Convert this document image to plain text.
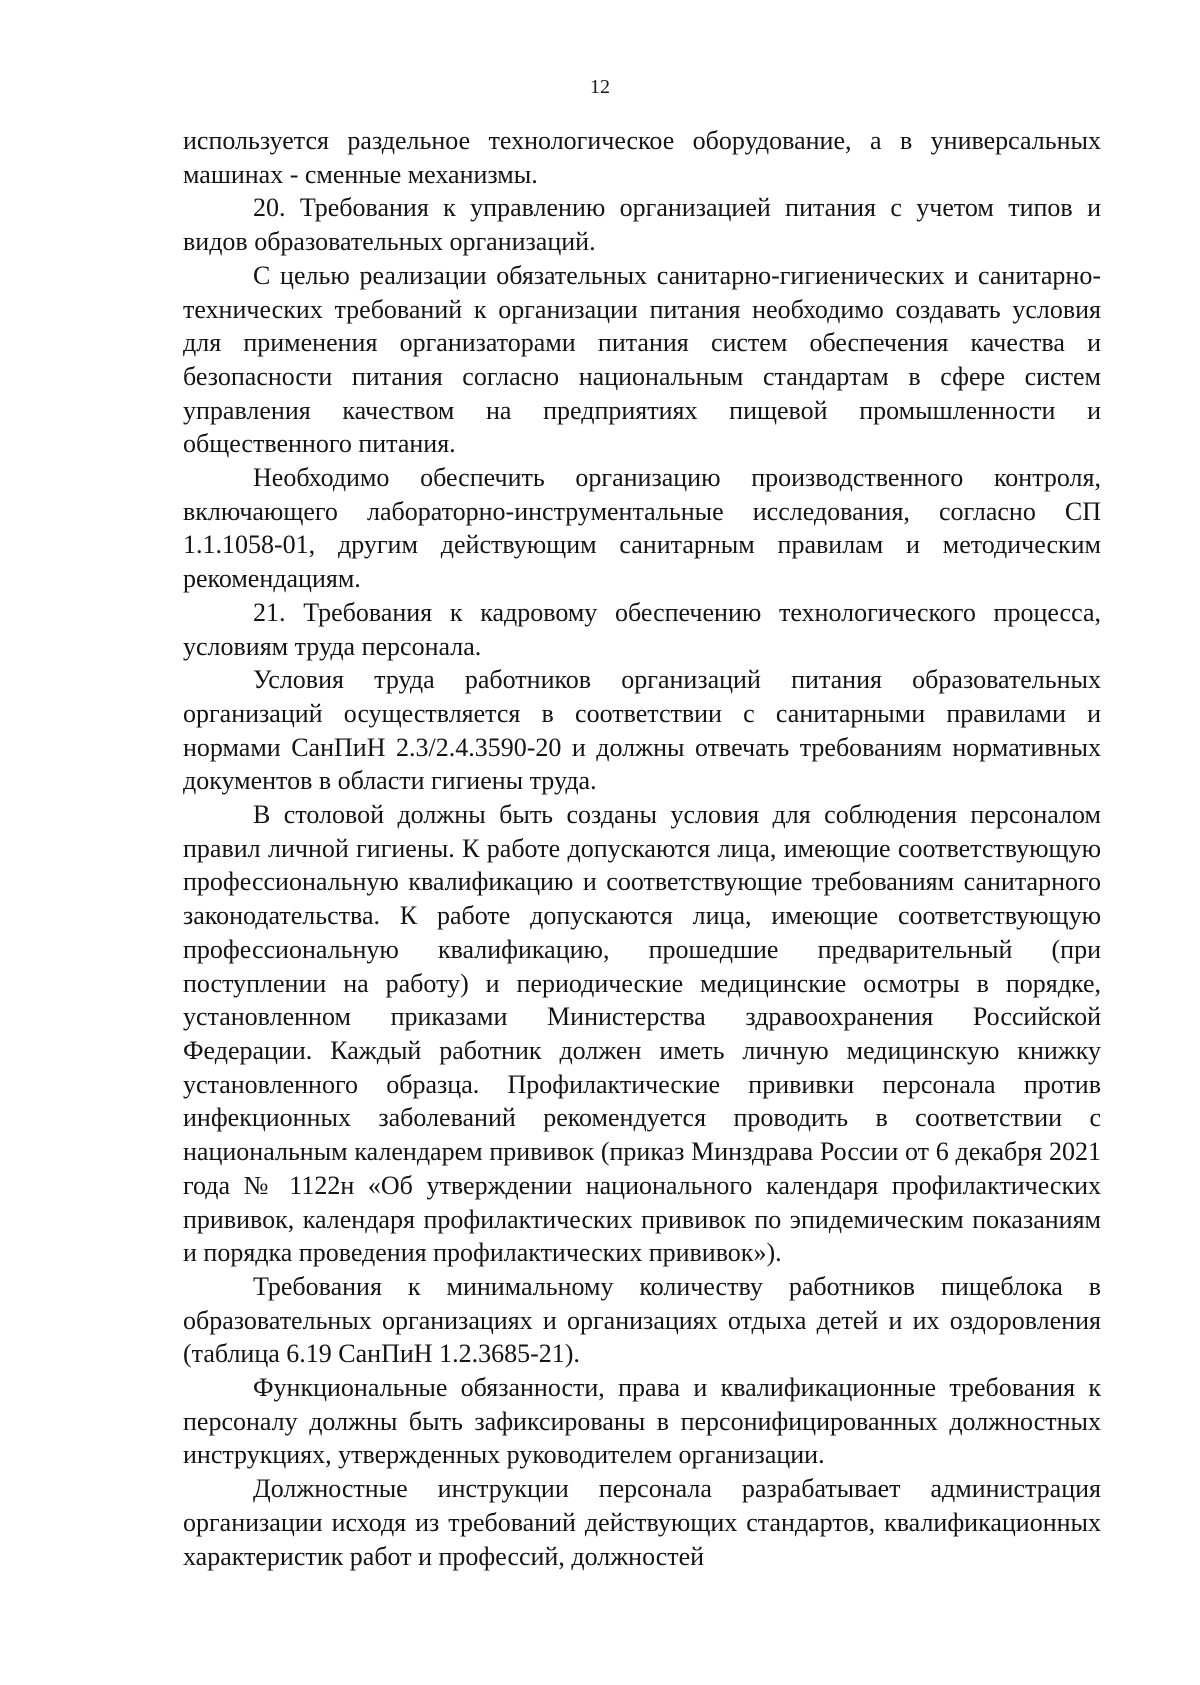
12

используется раздельное технологическое оборудование, а в универсальных машинах - сменные механизмы.

20. Требования к управлению организацией питания с учетом типов и видов образовательных организаций.

С целью реализации обязательных санитарно-гигиенических и санитарно-технических требований к организации питания необходимо создавать условия для применения организаторами питания систем обеспечения качества и безопасности питания согласно национальным стандартам в сфере систем управления качеством на предприятиях пищевой промышленности и общественного питания.

Необходимо обеспечить организацию производственного контроля, включающего лабораторно-инструментальные исследования, согласно СП 1.1.1058-01, другим действующим санитарным правилам и методическим рекомендациям.

21. Требования к кадровому обеспечению технологического процесса, условиям труда персонала.

Условия труда работников организаций питания образовательных организаций осуществляется в соответствии с санитарными правилами и нормами СанПиН 2.3/2.4.3590-20 и должны отвечать требованиям нормативных документов в области гигиены труда.

В столовой должны быть созданы условия для соблюдения персоналом правил личной гигиены. К работе допускаются лица, имеющие соответствующую профессиональную квалификацию и соответствующие требованиям санитарного законодательства. К работе допускаются лица, имеющие соответствующую профессиональную квалификацию, прошедшие предварительный (при поступлении на работу) и периодические медицинские осмотры в порядке, установленном приказами Министерства здравоохранения Российской Федерации. Каждый работник должен иметь личную медицинскую книжку установленного образца. Профилактические прививки персонала против инфекционных заболеваний рекомендуется проводить в соответствии с национальным календарем прививок (приказ Минздрава России от 6 декабря 2021 года № 1122н «Об утверждении национального календаря профилактических прививок, календаря профилактических прививок по эпидемическим показаниям и порядка проведения профилактических прививок»).

Требования к минимальному количеству работников пищеблока в образовательных организациях и организациях отдыха детей и их оздоровления (таблица 6.19 СанПиН 1.2.3685-21).

Функциональные обязанности, права и квалификационные требования к персоналу должны быть зафиксированы в персонифицированных должностных инструкциях, утвержденных руководителем организации.

Должностные инструкции персонала разрабатывает администрация организации исходя из требований действующих стандартов, квалификационных характеристик работ и профессий, должностей
